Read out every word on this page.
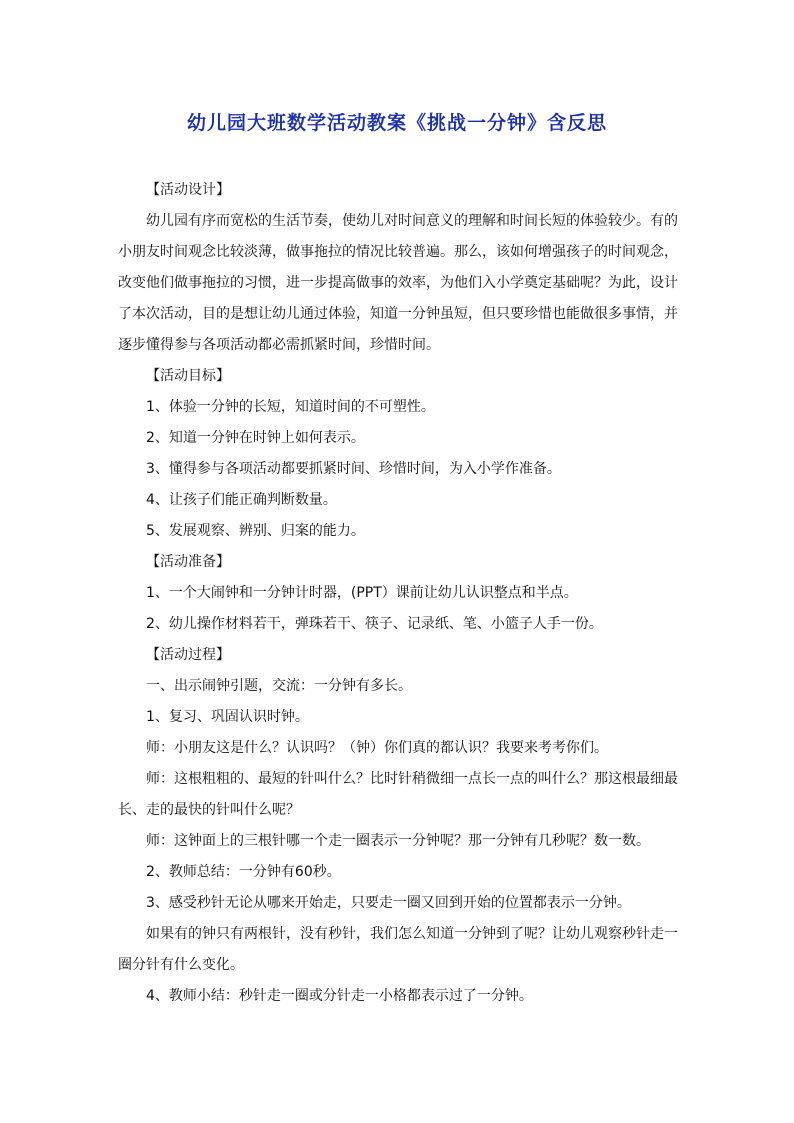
幼儿园大班数学活动教案《挑战一分钟》含反思

【活动设计】

幼儿园有序而宽松的生活节奏，使幼儿对时间意义的理解和时间长短的体验较少。有的小朋友时间观念比较淡薄，做事拖拉的情况比较普遍。那么，该如何增强孩子的时间观念，改变他们做事拖拉的习惯，进一步提高做事的效率，为他们入小学奠定基础呢？为此，设计了本次活动，目的是想让幼儿通过体验，知道一分钟虽短，但只要珍惜也能做很多事情，并逐步懂得参与各项活动都必需抓紧时间，珍惜时间。

【活动目标】

1、体验一分钟的长短，知道时间的不可塑性。

2、知道一分钟在时钟上如何表示。

3、懂得参与各项活动都要抓紧时间、珍惜时间，为入小学作准备。

4、让孩子们能正确判断数量。

5、发展观察、辨别、归案的能力。

【活动准备】

1、一个大闹钟和一分钟计时器，(PPT）课前让幼儿认识整点和半点。

2、幼儿操作材料若干，弹珠若干、筷子、记录纸、笔、小篮子人手一份。

【活动过程】

一、出示闹钟引题，交流：一分钟有多长。

1、复习、巩固认识时钟。

师：小朋友这是什么？认识吗？（钟）你们真的都认识？我要来考考你们。

师：这根粗粗的、最短的针叫什么？比时针稍微细一点长一点的叫什么？那这根最细最长、走的最快的针叫什么呢？

师：这钟面上的三根针哪一个走一圈表示一分钟呢？那一分钟有几秒呢？数一数。

2、教师总结：一分钟有60秒。

3、感受秒针无论从哪来开始走，只要走一圈又回到开始的位置都表示一分钟。

如果有的钟只有两根针，没有秒针，我们怎么知道一分钟到了呢？让幼儿观察秒针走一圈分针有什么变化。

4、教师小结：秒针走一圈或分针走一小格都表示过了一分钟。
